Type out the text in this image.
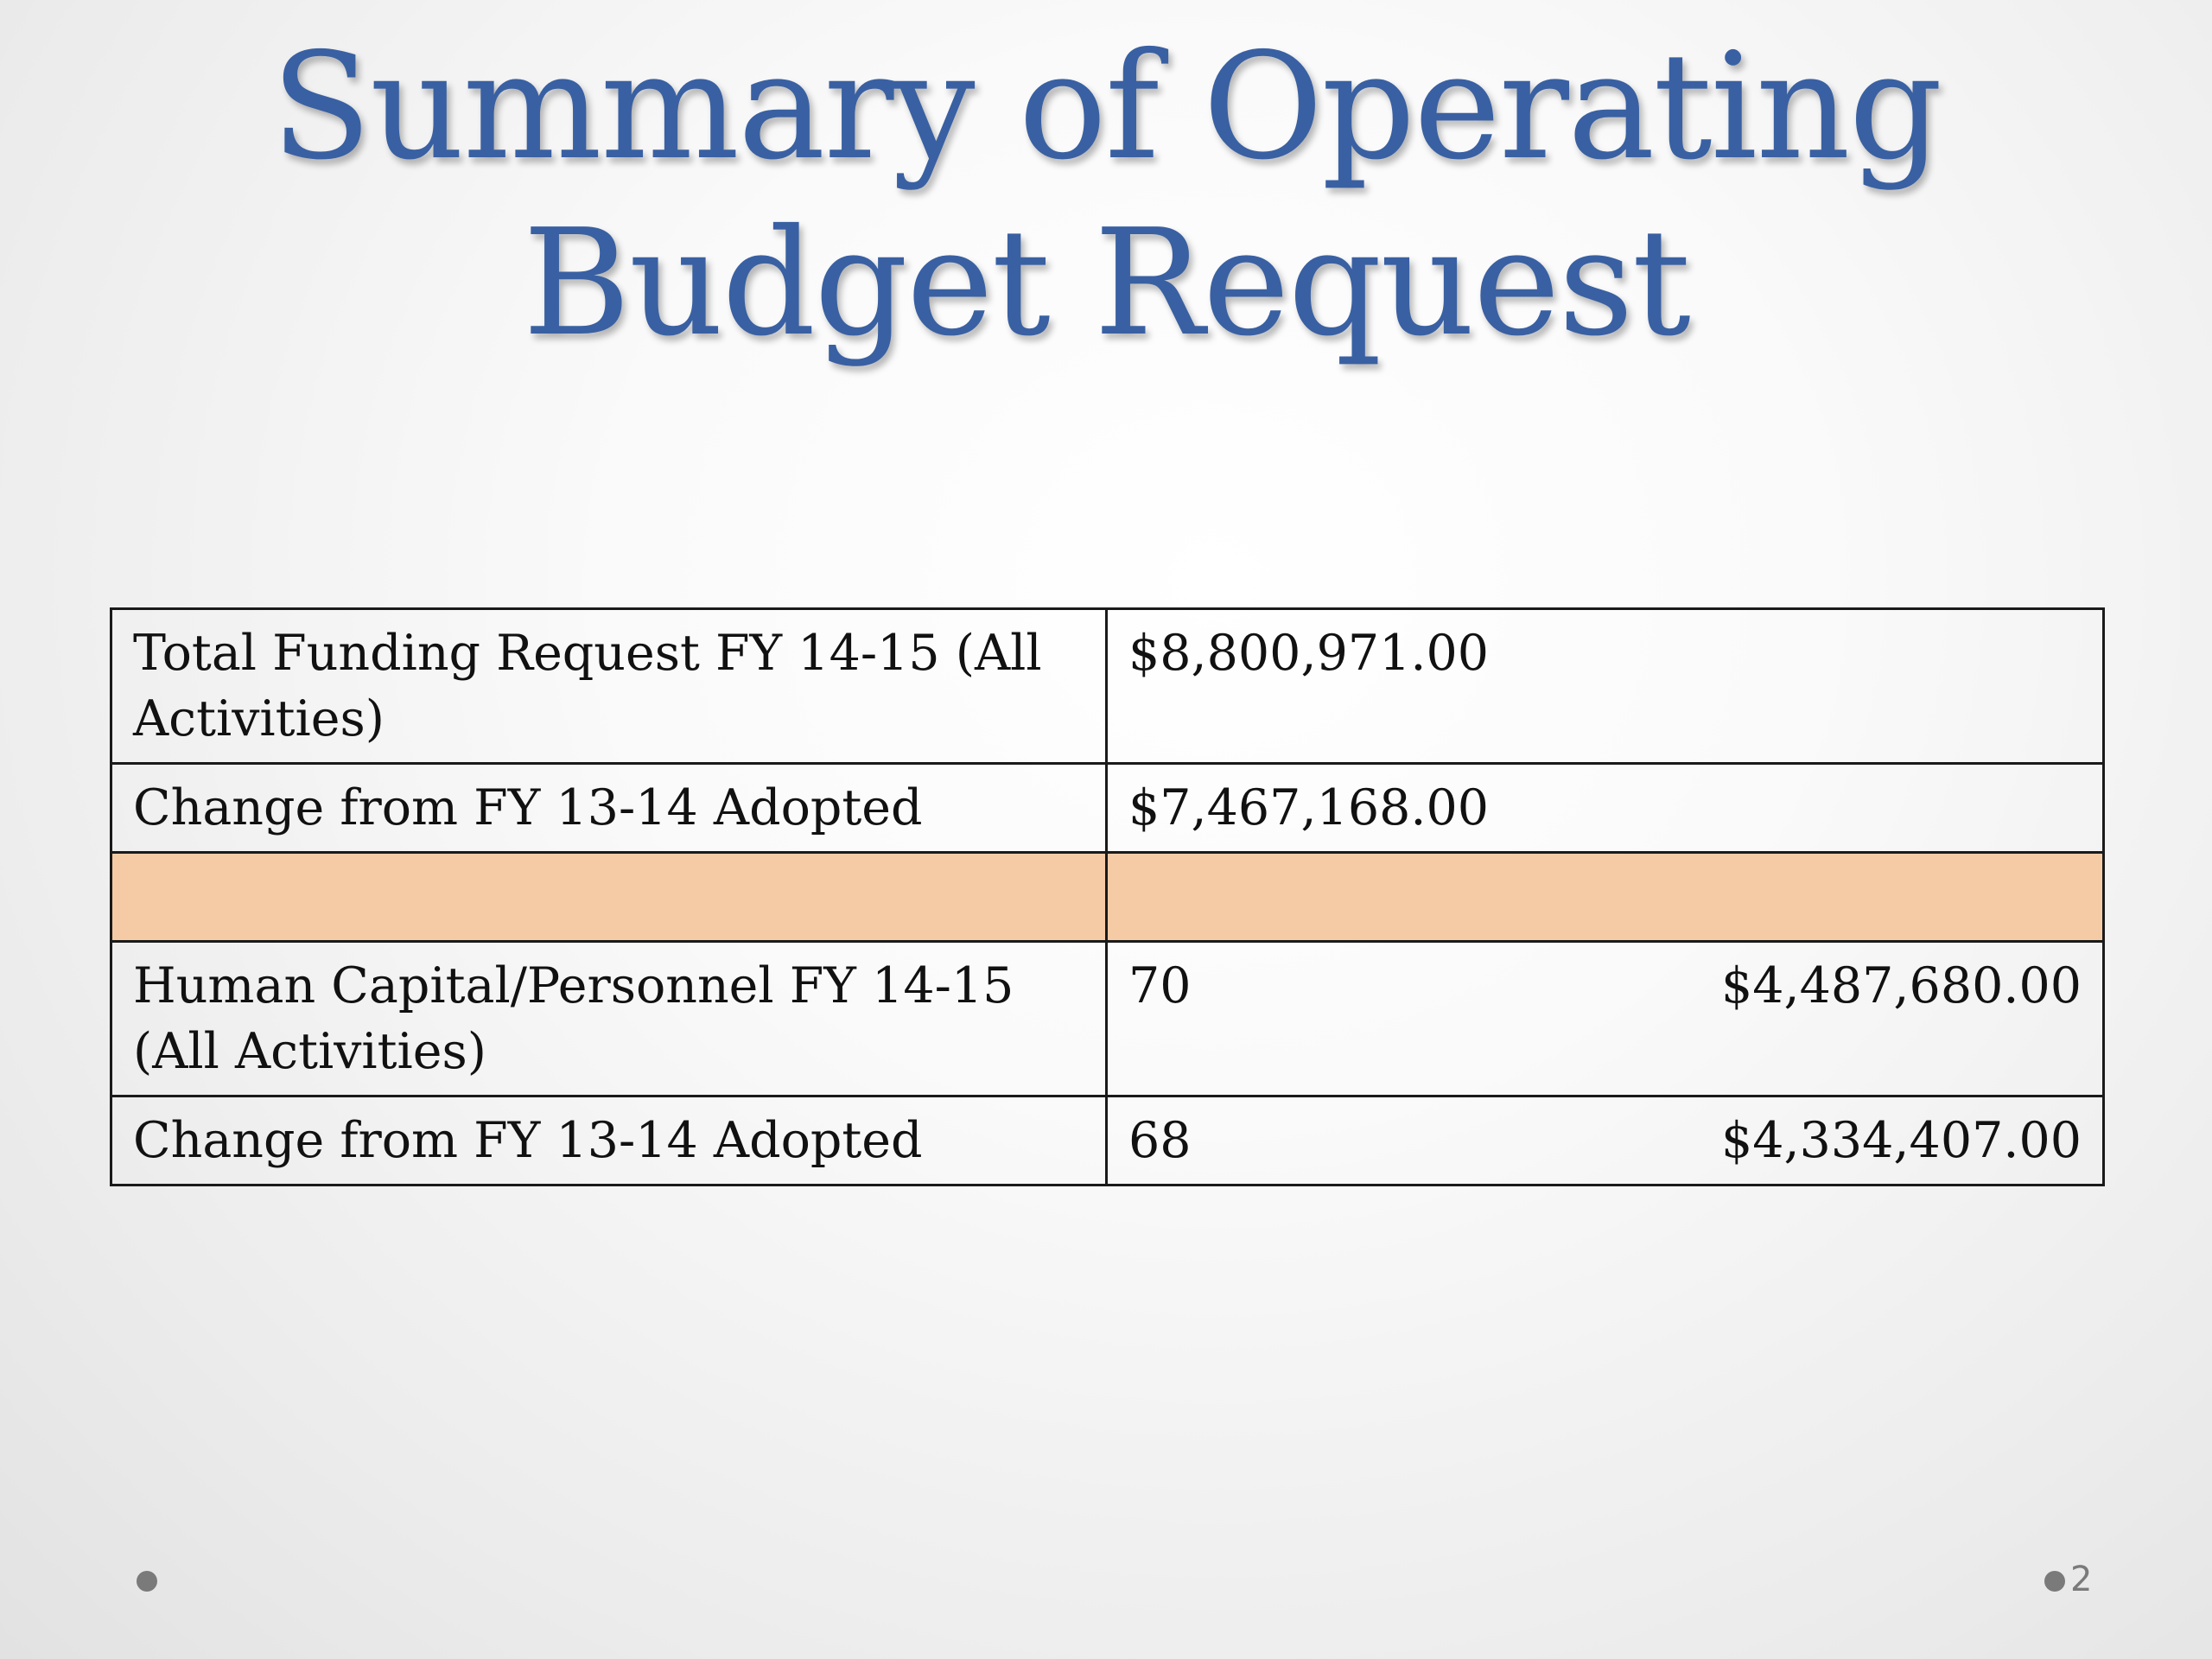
Summary of Operating
Budget Request
Total Funding Request FY 14-15 (All Activities)	$8,800,971.00
Change from FY 13-14 Adopted	$7,467,168.00

Human Capital/Personnel FY 14-15 (All Activities)	70 $4,487,680.00

Change from FY 13-14 Adopted	68 $4,334,407.00
2
